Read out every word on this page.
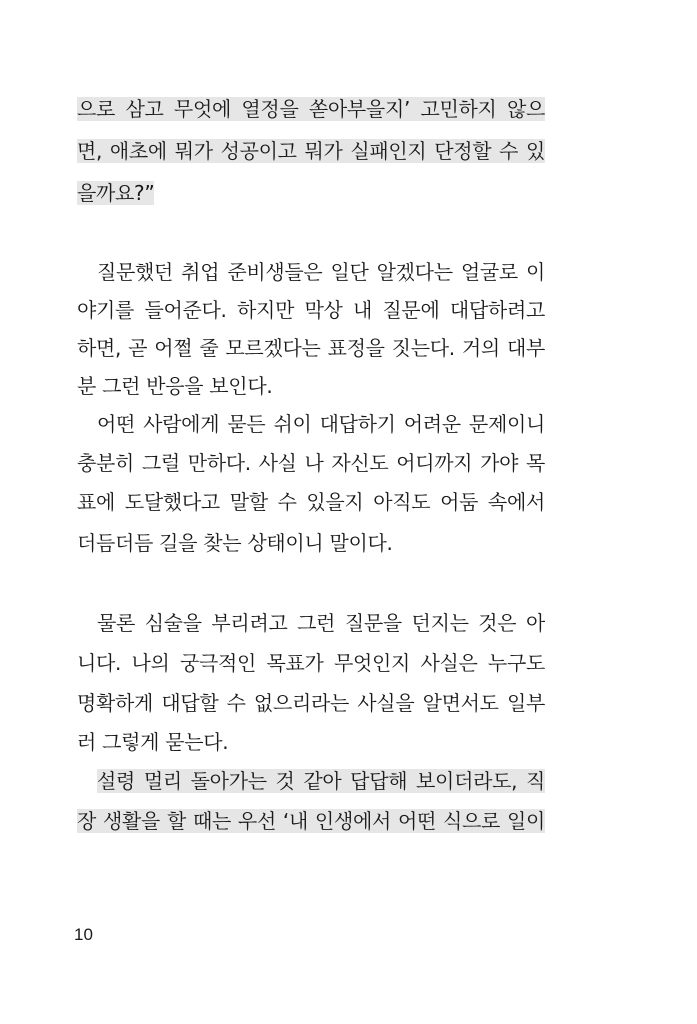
으로 삼고 무엇에 열정을 쏟아부을지’ 고민하지 않으
면, 애초에 뭐가 성공이고 뭐가 실패인지 단정할 수 있
을까요?”
질문했던 취업 준비생들은 일단 알겠다는 얼굴로 이
야기를 들어준다. 하지만 막상 내 질문에 대답하려고
하면, 곧 어쩔 줄 모르겠다는 표정을 짓는다. 거의 대부
분 그런 반응을 보인다.
어떤 사람에게 묻든 쉬이 대답하기 어려운 문제이니
충분히 그럴 만하다. 사실 나 자신도 어디까지 가야 목
표에 도달했다고 말할 수 있을지 아직도 어둠 속에서
더듬더듬 길을 찾는 상태이니 말이다.
물론 심술을 부리려고 그런 질문을 던지는 것은 아
니다. 나의 궁극적인 목표가 무엇인지 사실은 누구도
명확하게 대답할 수 없으리라는 사실을 알면서도 일부
러 그렇게 묻는다.
설령 멀리 돌아가는 것 같아 답답해 보이더라도, 직
장 생활을 할 때는 우선 ‘내 인생에서 어떤 식으로 일이
10
